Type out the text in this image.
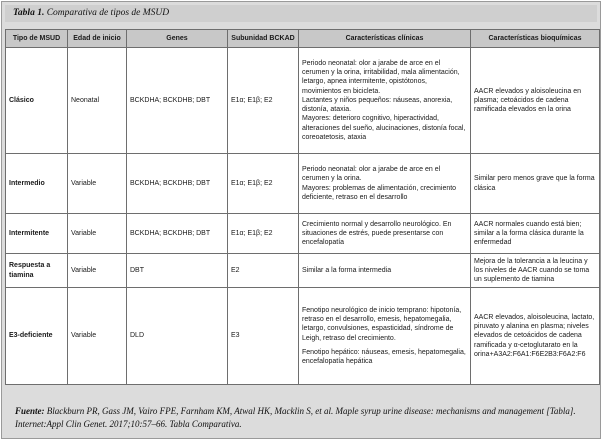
Tabla 1. Comparativa de tipos de MSUD
Tipo de MSUD	Edad de inicio	Genes	Subunidad BCKAD	Características clínicas	Características bioquímicas
Clásico	Neonatal	BCKDHA; BCKDHB; DBT	E1α; E1β; E2	Periodo neonatal: olor a jarabe de arce en el cerumen y la orina, irritabilidad, mala alimentación, letargo, apnea intermitente, opistótonos, movimientos en bicicleta.
Lactantes y niños pequeños: náuseas, anorexia, distonía, ataxia.
Mayores: deterioro cognitivo, hiperactividad, alteraciones del sueño, alucinaciones, distonía focal, coreoatetosis, ataxia	AACR elevados y aloisoleucina en plasma; cetoácidos de cadena ramificada elevados en la orina
Intermedio	Variable	BCKDHA; BCKDHB; DBT	E1α; E1β; E2	Periodo neonatal: olor a jarabe de arce en el cerumen y la orina.
Mayores: problemas de alimentación, crecimiento deficiente, retraso en el desarrollo	Similar pero menos grave que la forma clásica
Intermitente	Variable	BCKDHA; BCKDHB; DBT	E1α; E1β; E2	Crecimiento normal y desarrollo neurológico. En situaciones de estrés, puede presentarse con encefalopatía	AACR normales cuando está bien; similar a la forma clásica durante la enfermedad
Respuesta a tiamina	Variable	DBT	E2	Similar a la forma intermedia	Mejora de la tolerancia a la leucina y los niveles de AACR cuando se toma un suplemento de tiamina
E3-deficiente	Variable	DLD	E3	Fenotipo neurológico de inicio temprano: hipotonía, retraso en el desarrollo, emesis, hepatomegalia, letargo, convulsiones, espasticidad, síndrome de Leigh, retraso del crecimiento.
Fenotipo hepático: náuseas, emesis, hepatomegalia, encefalopatía hepática	AACR elevados, aloisoleucina, lactato, piruvato y alanina en plasma; niveles elevados de cetoácidos de cadena ramificada y α-cetoglutarato en la orina+A3A2:F6A1:F6E2B3:F6A2:F6
Fuente: Blackburn PR, Gass JM, Vairo FPE, Farnham KM, Atwal HK, Macklin S, et al. Maple syrup urine disease: mechanisms and management [Tabla]. Internet:Appl Clin Genet. 2017;10:57–66. Tabla Comparativa.
